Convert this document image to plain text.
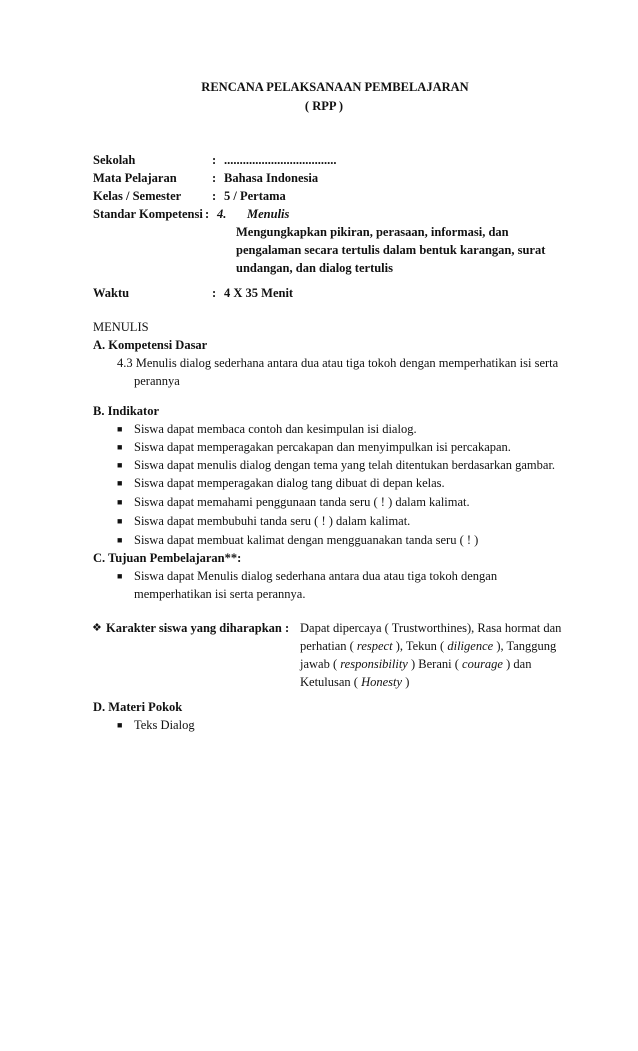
RENCANA PELAKSANAAN PEMBELAJARAN
( RPP )
Sekolah	: ....................................
Mata Pelajaran	: Bahasa Indonesia
Kelas / Semester : 5 / Pertama
Standar Kompetensi : 4. Menulis
Mengungkapkan pikiran, perasaan, informasi, dan
pengalaman secara tertulis dalam bentuk karangan, surat
undangan, dan dialog tertulis
Waktu	: 4 X 35 Menit
MENULIS
A. Kompetensi Dasar
4.3 Menulis dialog sederhana antara dua atau tiga tokoh dengan memperhatikan isi serta
perannya
B. Indikator
■ Siswa dapat membaca contoh dan kesimpulan isi dialog.
■ Siswa dapat memperagakan percakapan dan menyimpulkan isi percakapan.
■ Siswa dapat menulis dialog dengan tema yang telah ditentukan berdasarkan gambar.
■ Siswa dapat memperagakan dialog tang dibuat di depan kelas.
■ Siswa dapat memahami penggunaan tanda seru ( ! ) dalam kalimat.
■ Siswa dapat membubuhi tanda seru ( ! ) dalam kalimat.
■ Siswa dapat membuat kalimat dengan mengguanakan tanda seru ( ! )
C. Tujuan Pembelajaran**:
■ Siswa dapat Menulis dialog sederhana antara dua atau tiga tokoh dengan
memperhatikan isi serta perannya.
❖ Karakter siswa yang diharapkan : Dapat dipercaya ( Trustworthines), Rasa hormat dan
perhatian ( respect ), Tekun ( diligence ), Tanggung
jawab ( responsibility ) Berani ( courage ) dan
Ketulusan ( Honesty )
D. Materi Pokok
■ Teks Dialog
